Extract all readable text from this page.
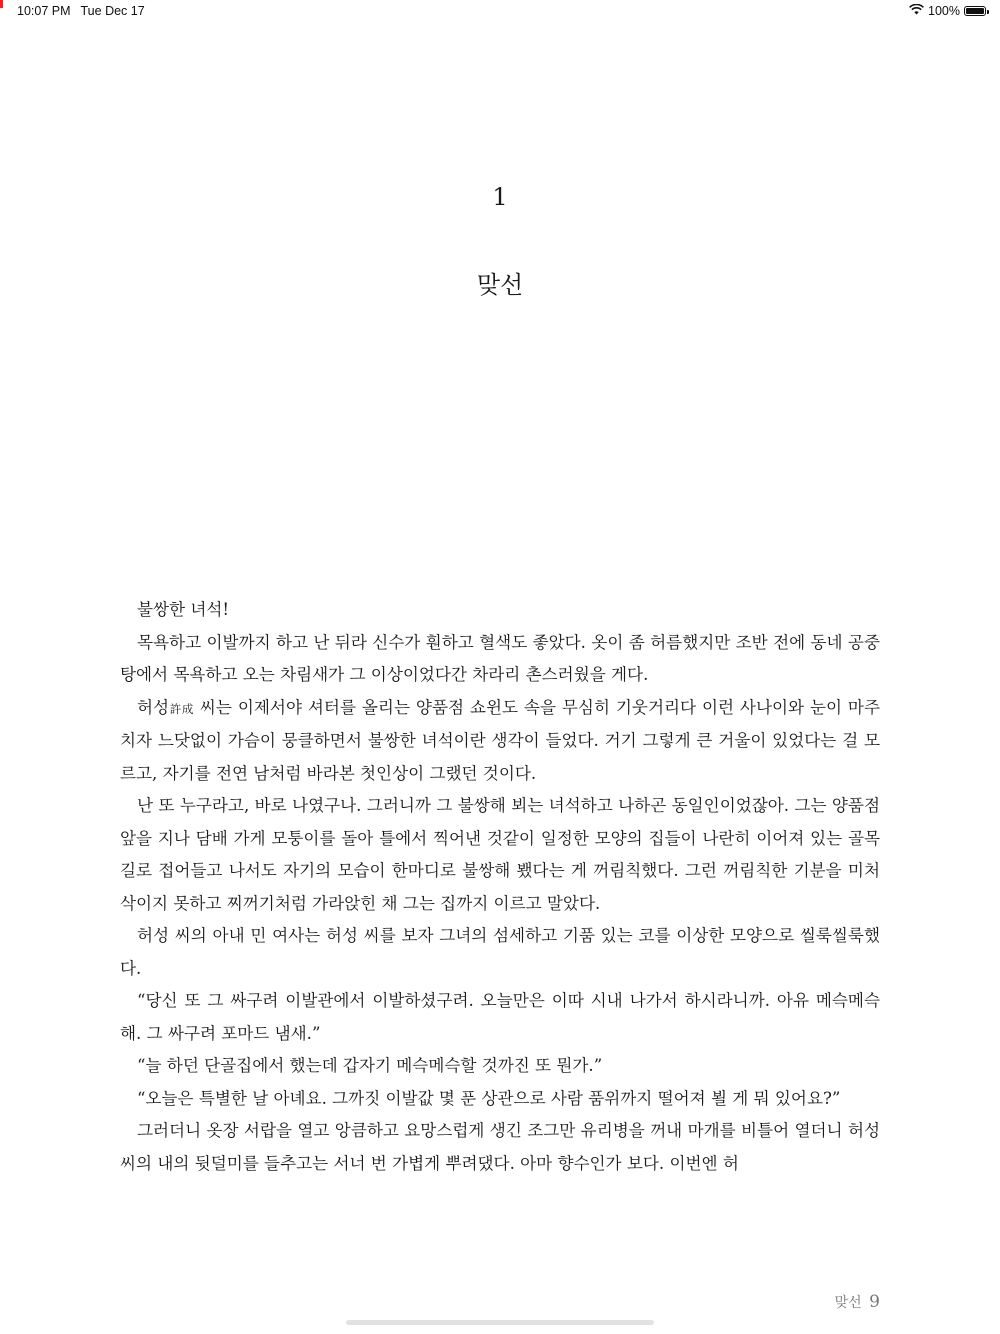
10:07 PM Tue Dec 17	100%
1
맞선

불쌍한 녀석!

목욕하고 이발까지 하고 난 뒤라 신수가 훤하고 혈색도 좋았다. 옷이 좀 허름했지만 조반 전에 동네 공중탕에서 목욕하고 오는 차림새가 그 이상이었다간 차라리 촌스러웠을 게다.

허성許成 씨는 이제서야 셔터를 올리는 양품점 쇼윈도 속을 무심히 기웃거리다 이런 사나이와 눈이 마주치자 느닷없이 가슴이 뭉클하면서 불쌍한 녀석이란 생각이 들었다. 거기 그렇게 큰 거울이 있었다는 걸 모르고, 자기를 전연 남처럼 바라본 첫인상이 그랬던 것이다.

난 또 누구라고, 바로 나였구나. 그러니까 그 불쌍해 뵈는 녀석하고 나하곤 동일인이었잖아. 그는 양품점 앞을 지나 담배 가게 모퉁이를 돌아 틀에서 찍어낸 것같이 일정한 모양의 집들이 나란히 이어져 있는 골목길로 접어들고 나서도 자기의 모습이 한마디로 불쌍해 뵀다는 게 꺼림칙했다. 그런 꺼림칙한 기분을 미처 삭이지 못하고 찌꺼기처럼 가라앉힌 채 그는 집까지 이르고 말았다.

허성 씨의 아내 민 여사는 허성 씨를 보자 그녀의 섬세하고 기품 있는 코를 이상한 모양으로 씰룩씰룩했다.

“당신 또 그 싸구려 이발관에서 이발하셨구려. 오늘만은 이따 시내 나가서 하시라니까. 아유 메슥메슥해. 그 싸구려 포마드 냄새.”

“늘 하던 단골집에서 했는데 갑자기 메슥메슥할 것까진 또 뭔가.”

“오늘은 특별한 날 아녜요. 그까짓 이발값 몇 푼 상관으로 사람 품위까지 떨어져 뵐 게 뭐 있어요?”

그러더니 옷장 서랍을 열고 앙큼하고 요망스럽게 생긴 조그만 유리병을 꺼내 마개를 비틀어 열더니 허성 씨의 내의 뒷덜미를 들추고는 서너 번 가볍게 뿌려댔다. 아마 향수인가 보다. 이번엔 허

맞선 9
